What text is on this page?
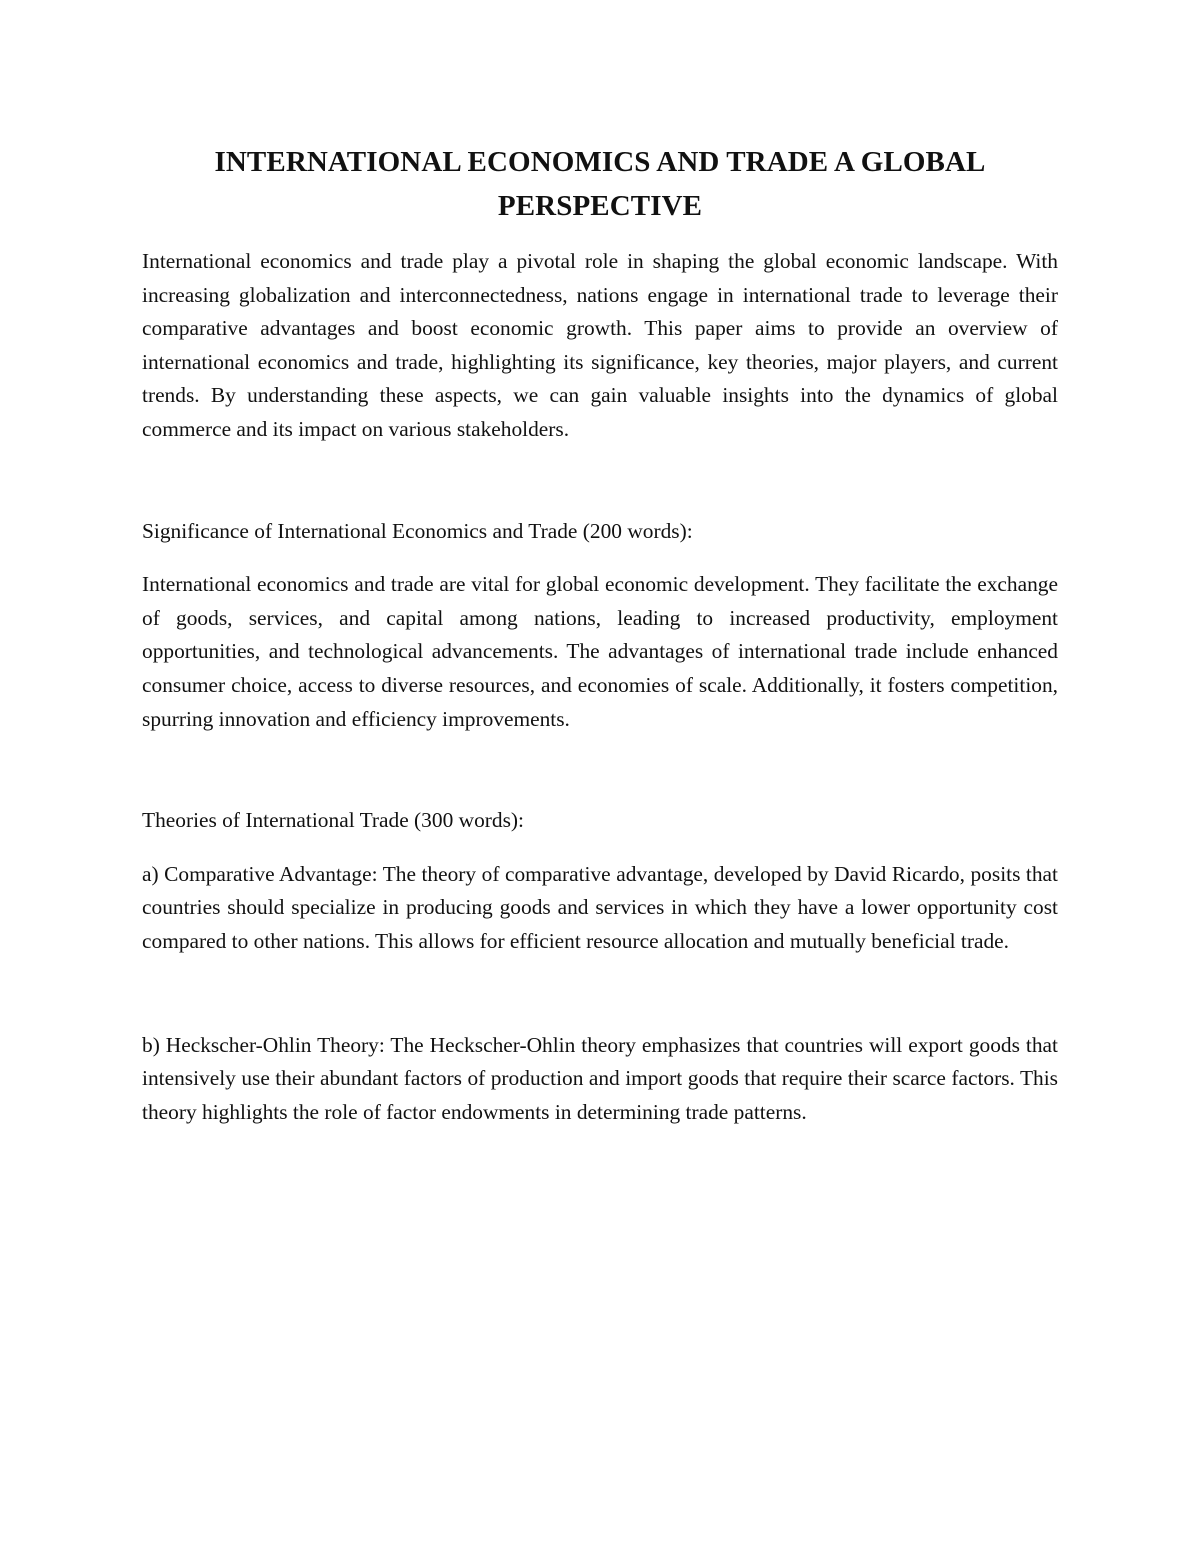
INTERNATIONAL ECONOMICS AND TRADE A GLOBAL PERSPECTIVE

International economics and trade play a pivotal role in shaping the global economic landscape. With increasing globalization and interconnectedness, nations engage in international trade to leverage their comparative advantages and boost economic growth. This paper aims to provide an overview of international economics and trade, highlighting its significance, key theories, major players, and current trends. By understanding these aspects, we can gain valuable insights into the dynamics of global commerce and its impact on various stakeholders.

Significance of International Economics and Trade (200 words):

International economics and trade are vital for global economic development. They facilitate the exchange of goods, services, and capital among nations, leading to increased productivity, employment opportunities, and technological advancements. The advantages of international trade include enhanced consumer choice, access to diverse resources, and economies of scale. Additionally, it fosters competition, spurring innovation and efficiency improvements.

Theories of International Trade (300 words):

a) Comparative Advantage: The theory of comparative advantage, developed by David Ricardo, posits that countries should specialize in producing goods and services in which they have a lower opportunity cost compared to other nations. This allows for efficient resource allocation and mutually beneficial trade.

b) Heckscher-Ohlin Theory: The Heckscher-Ohlin theory emphasizes that countries will export goods that intensively use their abundant factors of production and import goods that require their scarce factors. This theory highlights the role of factor endowments in determining trade patterns.
